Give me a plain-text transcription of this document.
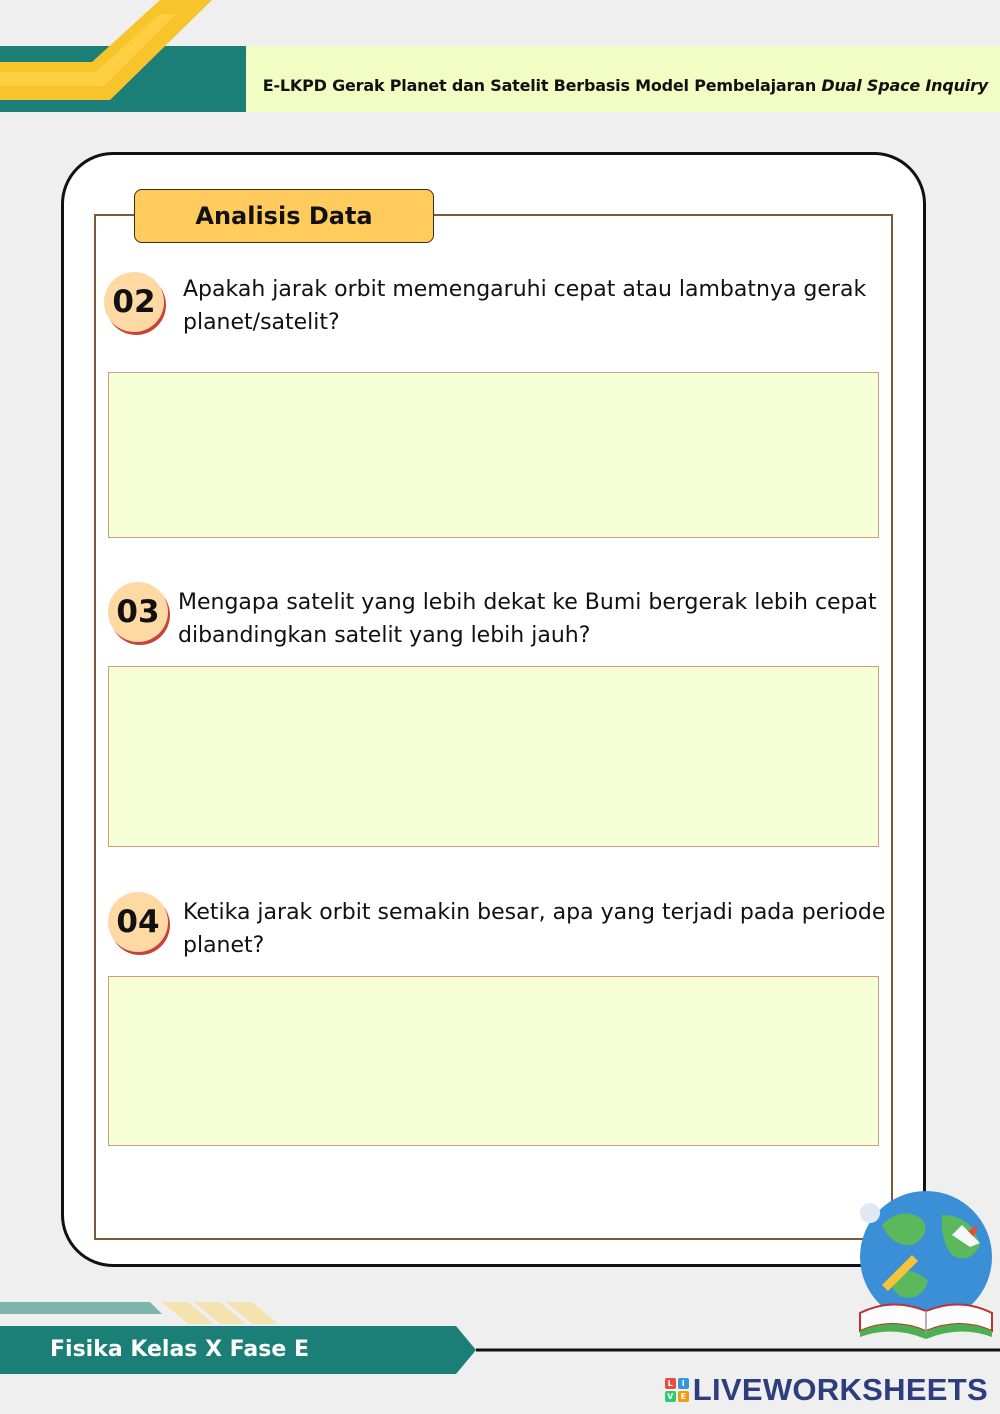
E-LKPD Gerak Planet dan Satelit Berbasis Model Pembelajaran Dual Space Inquiry
Analisis Data
02	Apakah jarak orbit memengaruhi cepat atau lambatnya gerak
planet/satelit?
03 Mengapa satelit yang lebih dekat ke Bumi bergerak lebih cepat
dibandingkan satelit yang lebih jauh?
04	Ketika jarak orbit semakin besar, apa yang terjadi pada periode
planet?
Fisika Kelas X Fase E
L	I
V E LIVEWORKSHEETS
